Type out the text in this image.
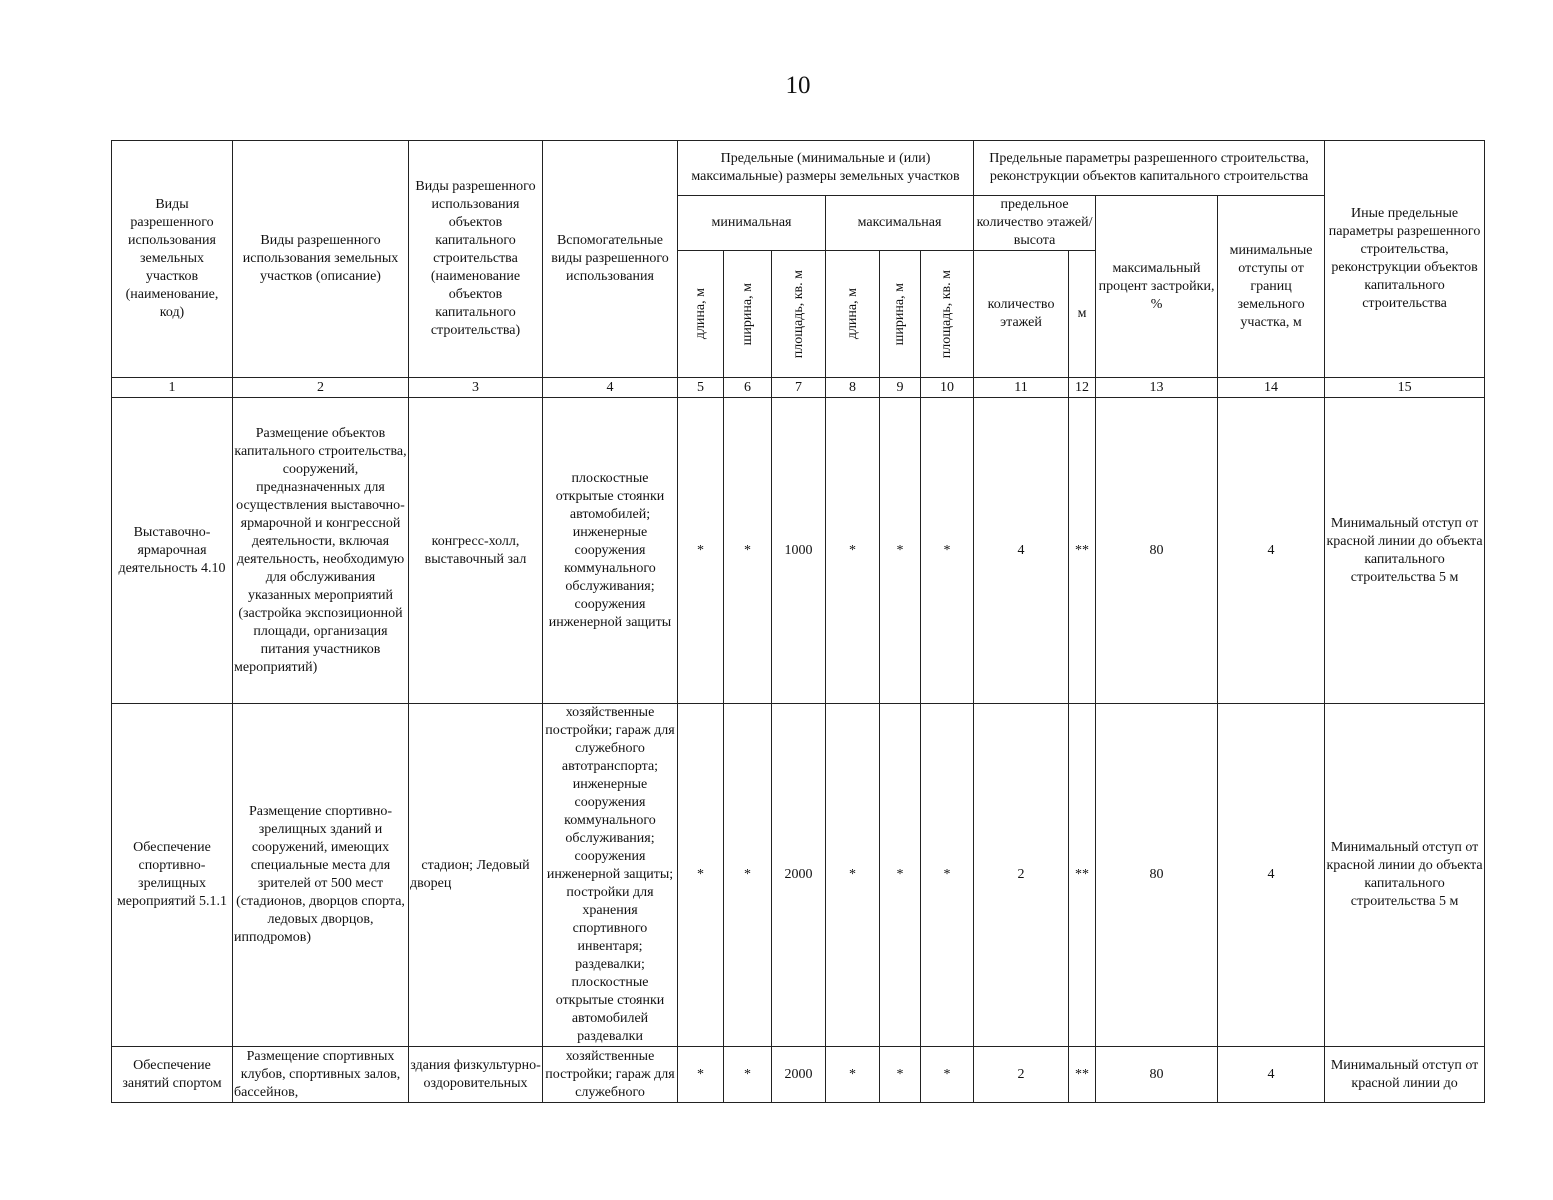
10
Виды разрешенного использования земельных участков (наименование, код)	Виды разрешенного использования земельных участков (описание)	Виды разрешенного использования объектов капитального строительства (наименование объектов капитального строительства)	Вспомогательные виды разрешенного использования	Предельные (минимальные и (или) максимальные) размеры земельных участков						Предельные параметры разрешенного строительства, реконструкции объектов капитального строительства				Иные предельные параметры разрешенного строительства, реконструкции объектов капитального строительства
				минимальная			максимальная			предельное количество этажей/высота		максимальный процент застройки, %	минимальные отступы от границ земельного участка, м	

				длина, м	ширина, м	площадь, кв. м	длина, м	ширина, м	площадь, кв. м	количество этажей	м			
1	2	3	4	5	6	7	8	9	10	11	12	13	14	15
Выставочно-ярмарочная деятельность 4.10	Размещение объектов капитального строительства, сооружений, предназначенных для осуществления выставочно-ярмарочной и конгрессной деятельности, включая деятельность, необходимую для обслуживания указанных мероприятий (застройка экспозиционной площади, организация питания участников мероприятий)	конгресс-холл, выставочный зал	плоскостные открытые стоянки автомобилей; инженерные сооружения коммунального обслуживания; сооружения инженерной защиты	*	*	1000	*	*	*	4	**	80	4	Минимальный отступ от красной линии до объекта капитального строительства 5 м
Обеспечение спортивно-зрелищных мероприятий 5.1.1	Размещение спортивно-зрелищных зданий и сооружений, имеющих специальные места для зрителей от 500 мест (стадионов, дворцов спорта, ледовых дворцов, ипподромов)	стадион; Ледовый дворец	хозяйственные постройки; гараж для служебного автотранспорта; инженерные сооружения коммунального обслуживания; сооружения инженерной защиты; постройки для хранения спортивного инвентаря; раздевалки; плоскостные открытые стоянки автомобилей раздевалки	*	*	2000	*	*	*	2	**	80	4	Минимальный отступ от красной линии до объекта капитального строительства 5 м
Обеспечение занятий спортом	Размещение спортивных клубов, спортивных залов, бассейнов,	здания физкультурно-оздоровительных	хозяйственные постройки; гараж для служебного	*	*	2000	*	*	*	2	**	80	4	Минимальный отступ от красной линии до
